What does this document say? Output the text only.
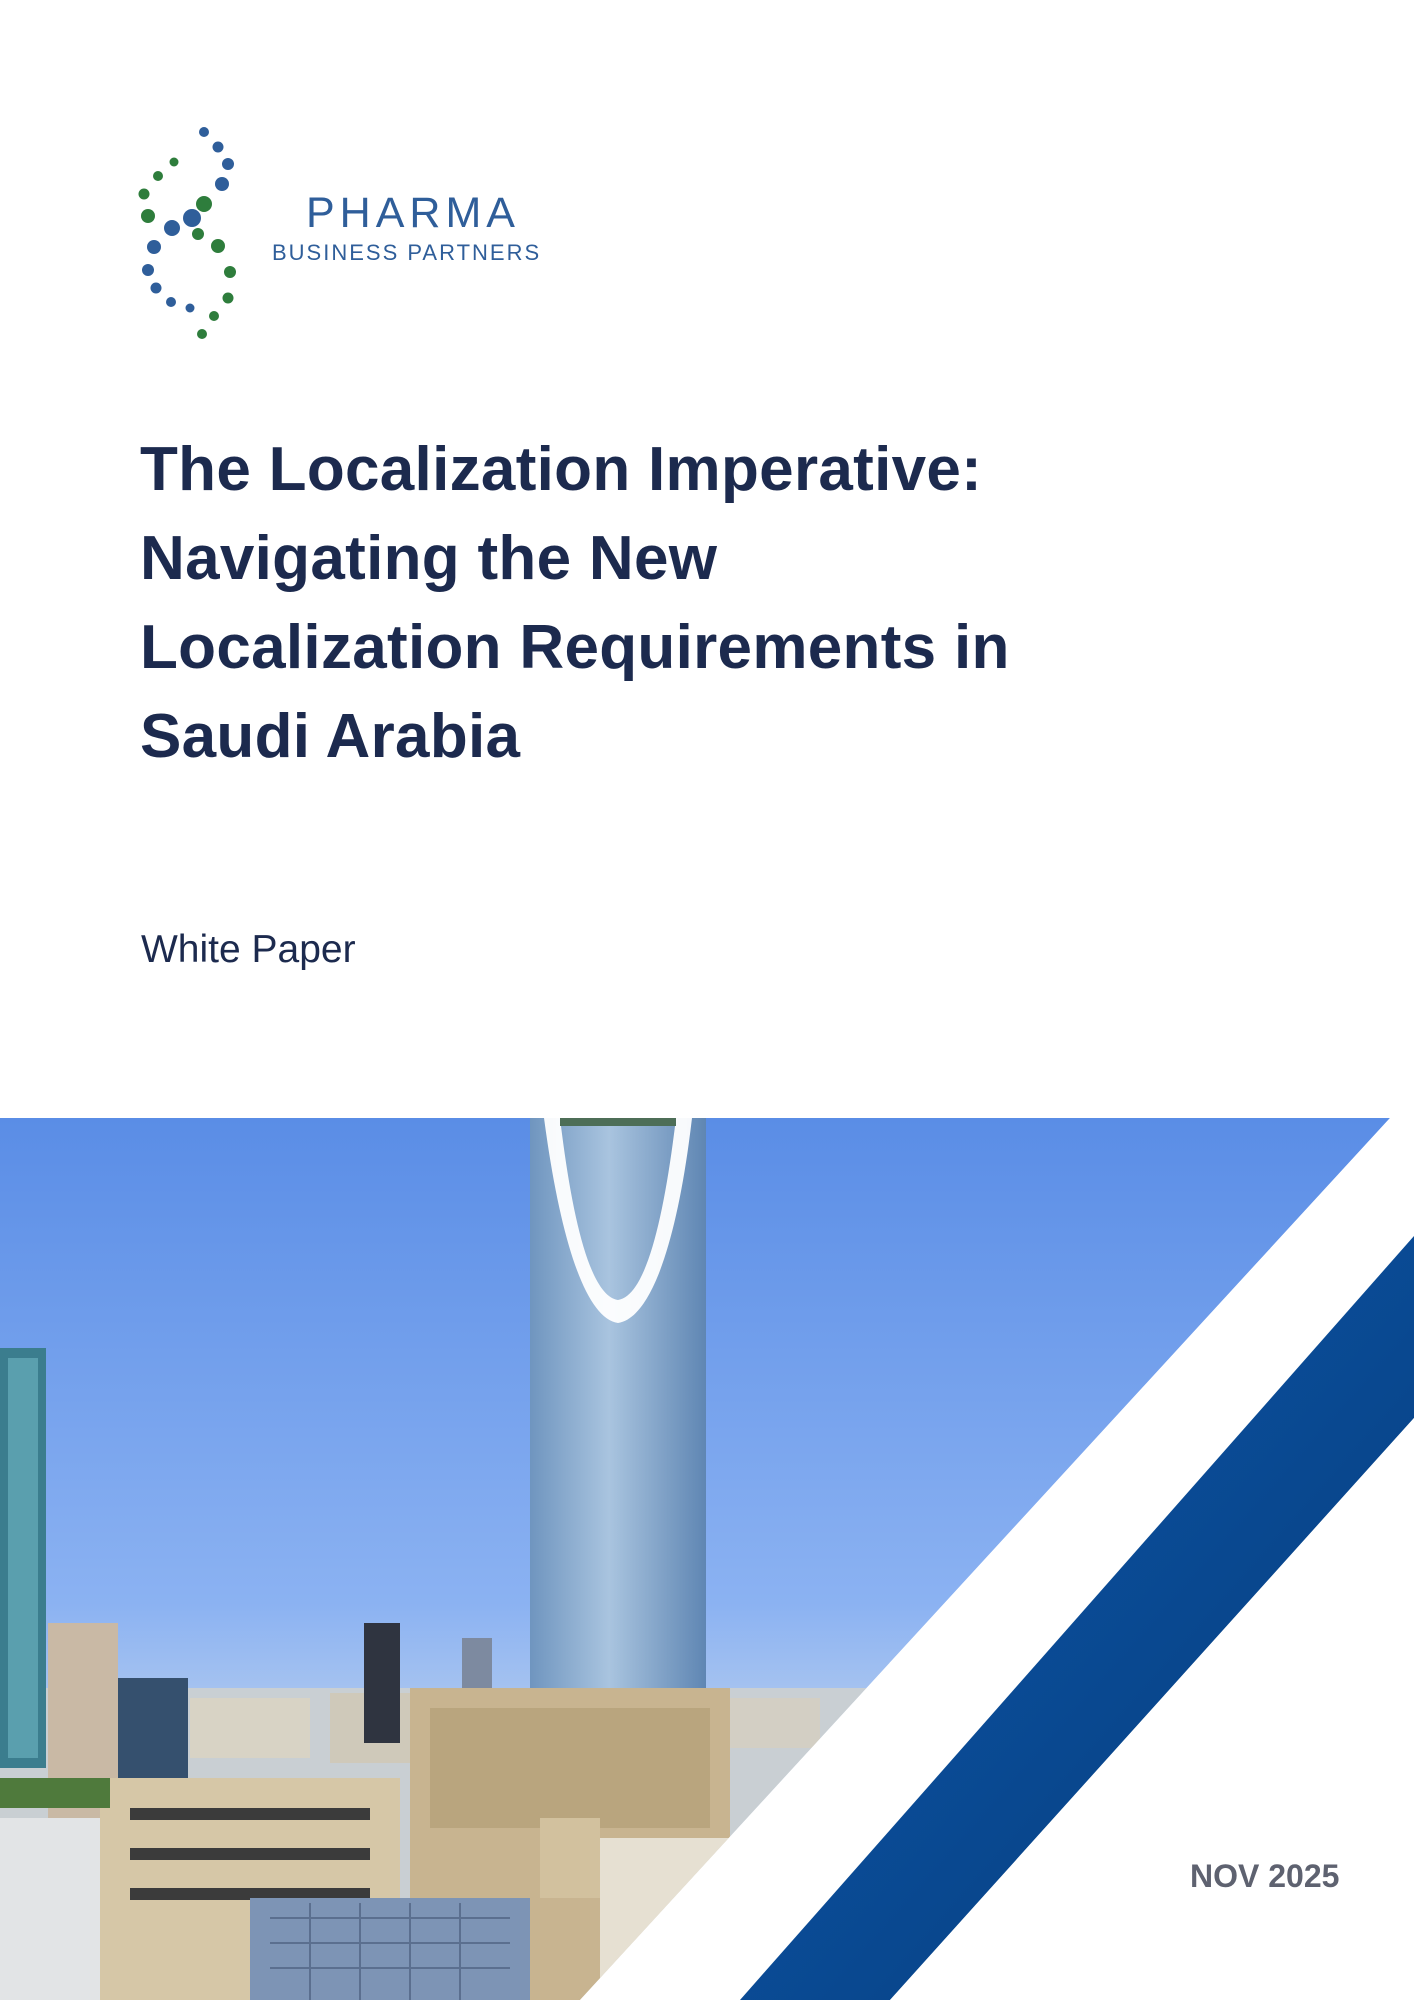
PHARMA
BUSINESS PARTNERS
The Localization Imperative: Navigating the New Localization Requirements in Saudi Arabia
White Paper
NOV 2025
